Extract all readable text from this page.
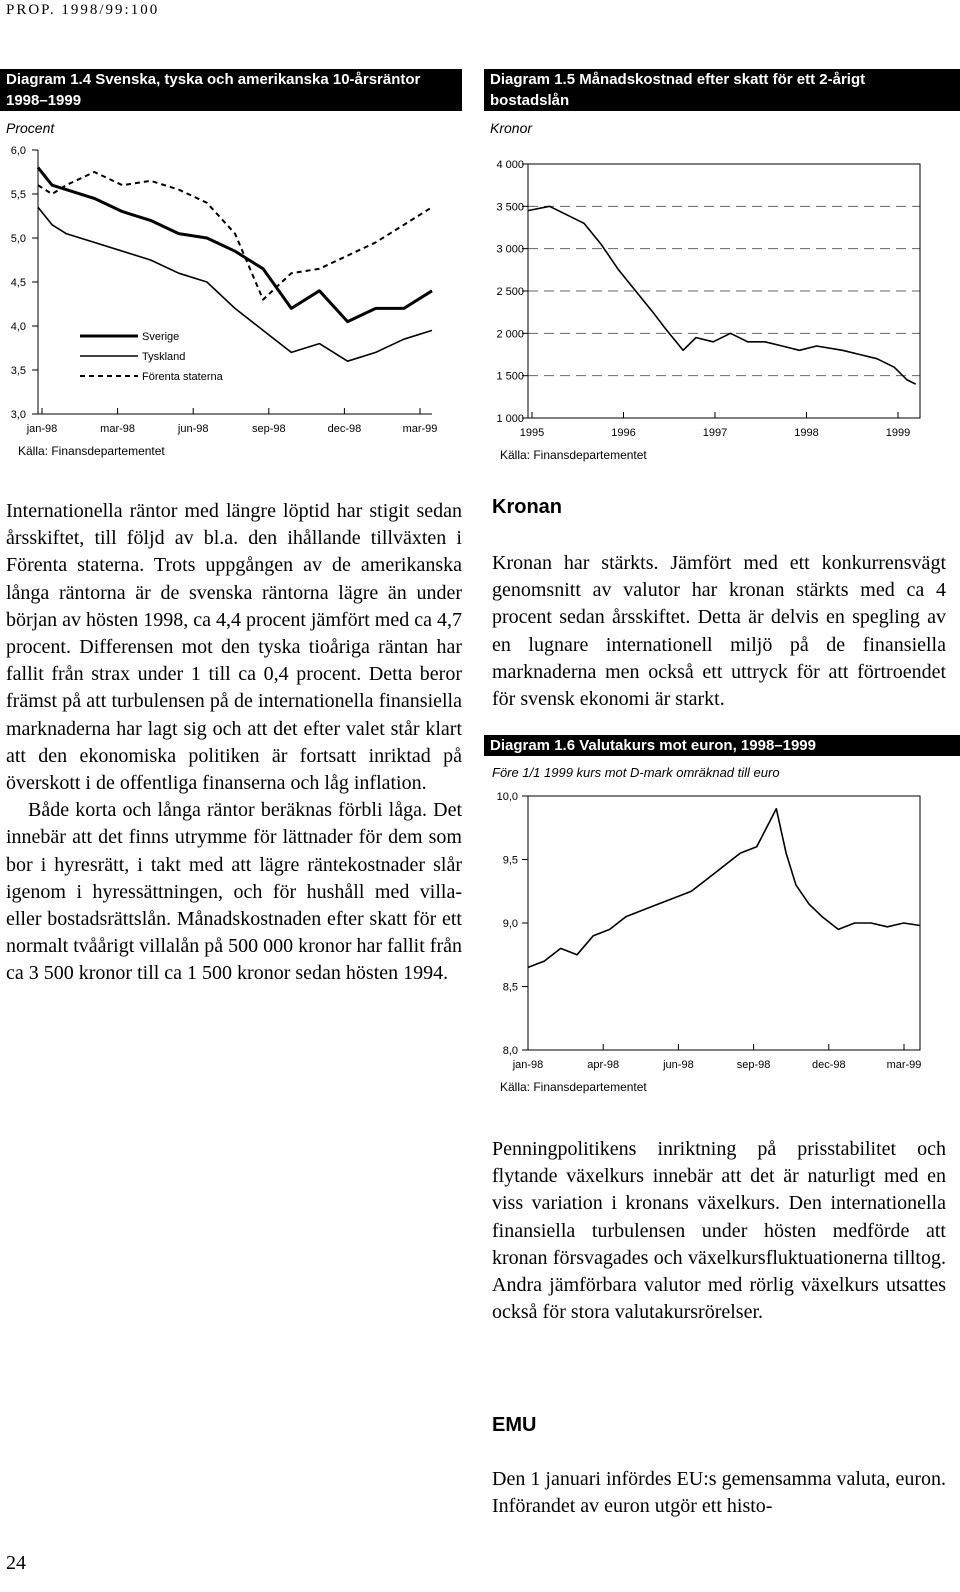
PROP. 1998/99:100
Diagram 1.4 Svenska, tyska och amerikanska 10-årsräntor
1998–1999
Procent
6,0
5,5
5,0
4,5
4,0
3,5
3,0
jan-98	mar-98	jun-98	sep-98	dec-98	mar-99
Sverige
Tyskland
Förenta staterna
Källa: Finansdepartementet
Diagram 1.5 Månadskostnad efter skatt för ett 2-årigt
bostadslån
Kronor
4 000
3 500
3 000
2 500
2 000
1 500
1 000
1995	1996	1997	1998	1999
Källa: Finansdepartementet

Internationella räntor med längre löptid har stigit sedan årsskiftet, till följd av bl.a. den ihållande tillväxten i Förenta staterna. Trots uppgången av de amerikanska långa räntorna är de svenska räntorna lägre än under början av hösten 1998, ca 4,4 procent jämfört med ca 4,7 procent. Differensen mot den tyska tioåriga räntan har fallit från strax under 1 till ca 0,4 procent. Detta beror främst på att turbulensen på de internationella finansiella marknaderna har lagt sig och att det efter valet står klart att den ekonomiska politiken är fortsatt inriktad på överskott i de offentliga finanserna och låg inflation.

Både korta och långa räntor beräknas förbli låga. Det innebär att det finns utrymme för lättnader för dem som bor i hyresrätt, i takt med att lägre räntekostnader slår igenom i hyressättningen, och för hushåll med villa- eller bostadsrättslån. Månadskostnaden efter skatt för ett normalt tvåårigt villalån på 500 000 kronor har fallit från ca 3 500 kronor till ca 1 500 kronor sedan hösten 1994.

Kronan
Kronan har stärkts. Jämfört med ett konkurrensvägt genomsnitt av valutor har kronan stärkts med ca 4 procent sedan årsskiftet. Detta är delvis en spegling av en lugnare internationell miljö på de finansiella marknaderna men också ett uttryck för att förtroendet för svensk ekonomi är starkt.
Diagram 1.6 Valutakurs mot euron, 1998–1999
Före 1/1 1999 kurs mot D-mark omräknad till euro
10,0
9,5
9,0
8,5
8,0
jan-98	apr-98	jun-98	sep-98	dec-98	mar-99
Källa: Finansdepartementet
Penningpolitikens inriktning på prisstabilitet och flytande växelkurs innebär att det är naturligt med en viss variation i kronans växelkurs. Den internationella finansiella turbulensen under hösten medförde att kronan försvagades och växelkursfluktuationerna tilltog. Andra jämförbara valutor med rörlig växelkurs utsattes också för stora valutakursrörelser.
EMU
Den 1 januari infördes EU:s gemensamma valuta, euron. Införandet av euron utgör ett histo-
24
